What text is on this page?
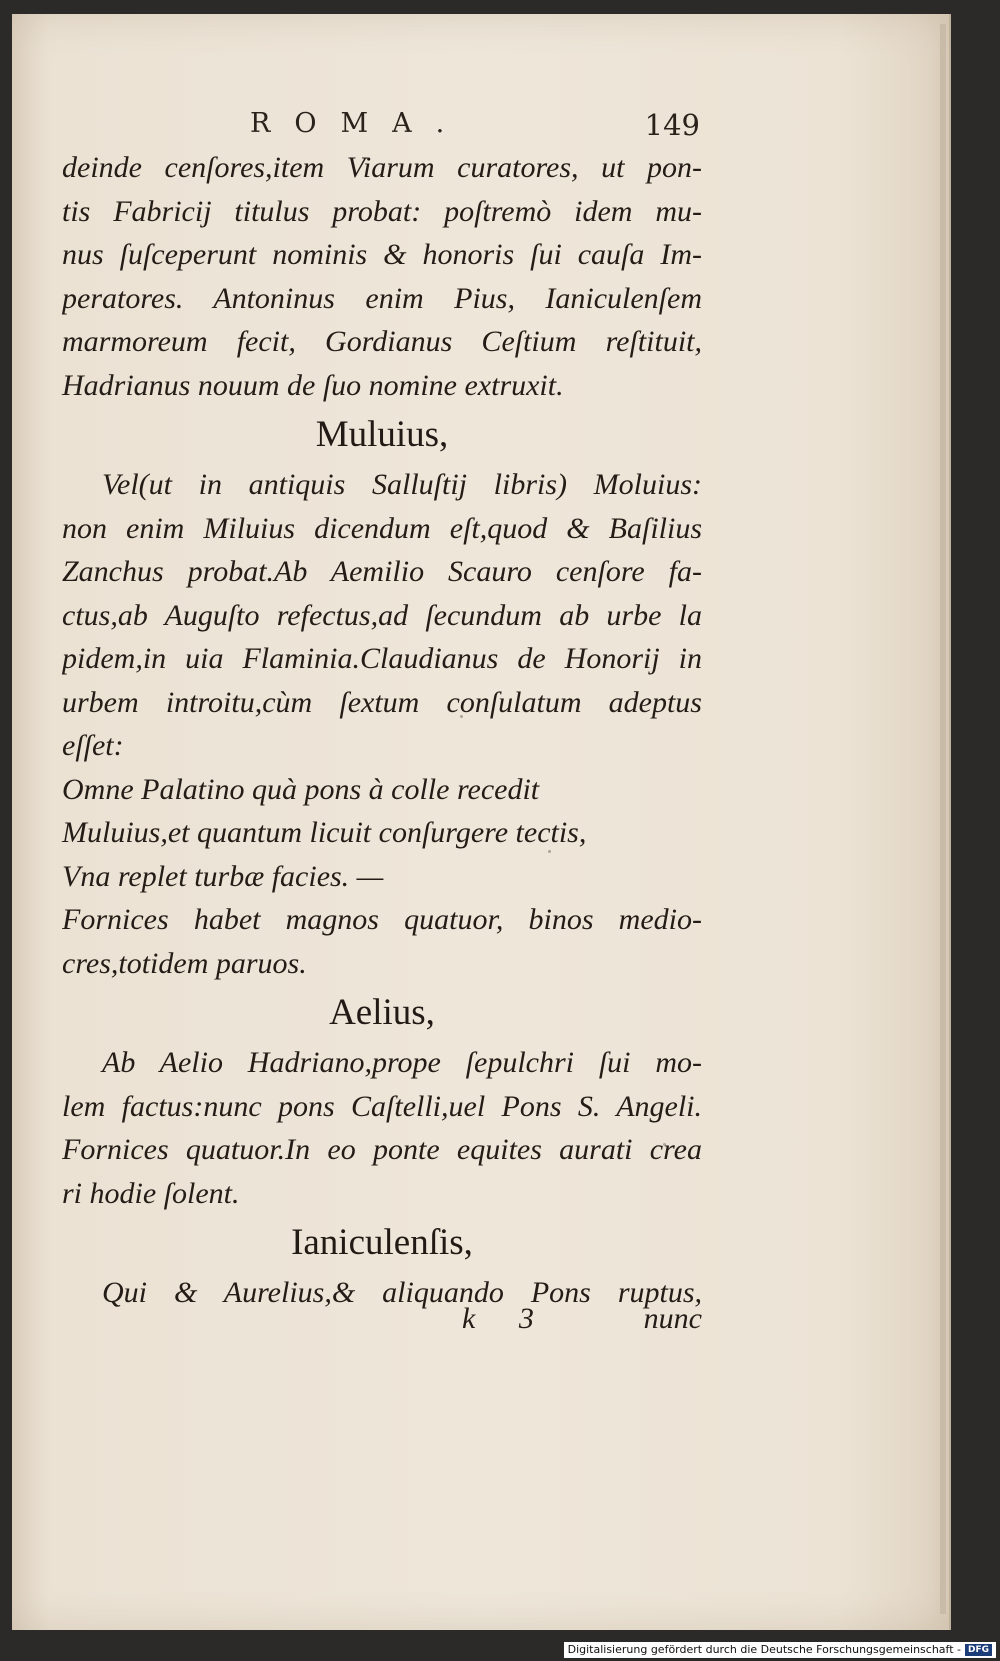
ROMA.	149
deinde cenſores,item Viarum curatores, ut pon-
tis Fabricij titulus probat: poſtremò idem mu-
nus ſuſceperunt nominis & honoris ſui cauſa Im-
peratores. Antoninus enim Pius, Ianiculenſem
marmoreum fecit, Gordianus Ceſtium reſtituit,
Hadrianus nouum de ſuo nomine extruxit.
Muluius,
Vel(ut in antiquis Salluſtij libris) Moluius:
non enim Miluius dicendum eſt,quod & Baſilius
Zanchus probat.Ab Aemilio Scauro cenſore fa-
ctus,ab Auguſto refectus,ad ſecundum ab urbe la
pidem,in uia Flaminia.Claudianus de Honorij in
urbem introitu,cùm ſextum conſulatum adeptus
eſſet:
Omne Palatino quà pons à colle recedit
Muluius,et quantum licuit conſurgere tectis,
Vna replet turbæ facies. —
Fornices habet magnos quatuor, binos medio-
cres,totidem paruos.
Aelius,
Ab Aelio Hadriano,prope ſepulchri ſui mo-
lem factus:nunc pons Caſtelli,uel Pons S. Angeli.
Fornices quatuor.In eo ponte equites aurati crea
ri hodie ſolent.
Ianiculenſis,
Qui & Aurelius,& aliquando Pons ruptus,
k 3	nunc
Digitalisierung gefördert durch die Deutsche Forschungsgemeinschaft - DFG
